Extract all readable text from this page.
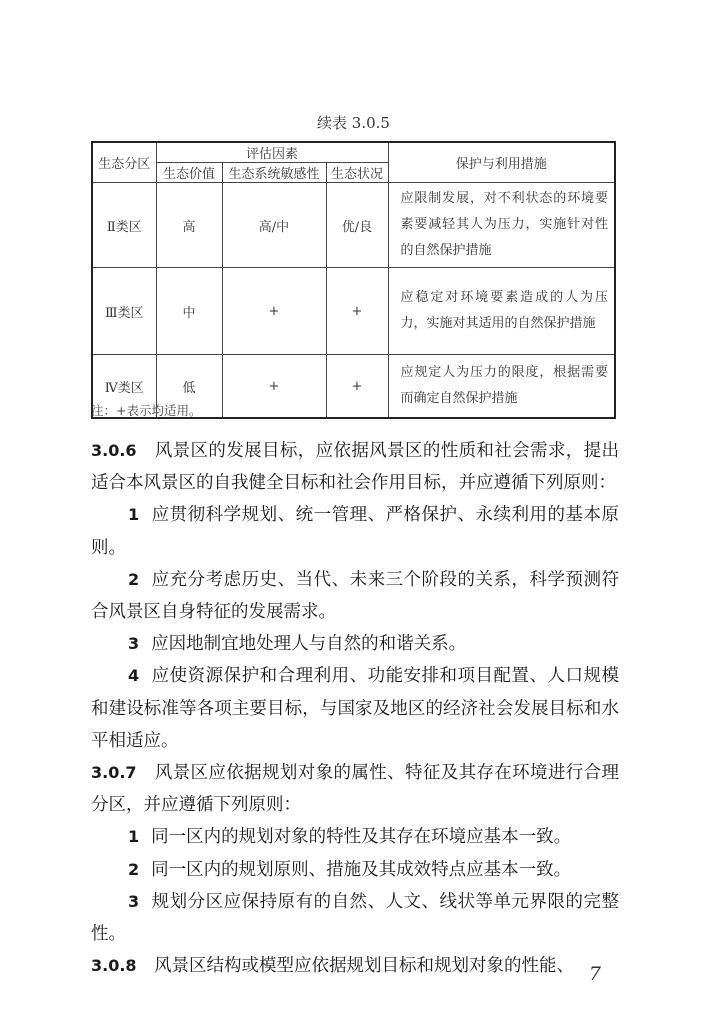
续表 3.0.5
生态分区	评估因素			保护与利用措施
	生态价值	生态系统敏感性	生态状况	
Ⅱ类区	高	高/中	优/良	应限制发展，对不利状态的环境要素要减轻其人为压力，实施针对性的自然保护措施
Ⅲ类区	中	+	+	应稳定对环境要素造成的人为压力，实施对其适用的自然保护措施
Ⅳ类区	低	+	+	应规定人为压力的限度，根据需要而确定自然保护措施
注：+表示均适用。

3.0.6　 风景区的发展目标，应依据风景区的性质和社会需求，提出适合本风景区的自我健全目标和社会作用目标，并应遵循下列原则：

1 应贯彻科学规划、统一管理、严格保护、永续利用的基本原则。

2 应充分考虑历史、当代、未来三个阶段的关系，科学预测符合风景区自身特征的发展需求。

3 应因地制宜地处理人与自然的和谐关系。

4 应使资源保护和合理利用、功能安排和项目配置、人口规模和建设标准等各项主要目标，与国家及地区的经济社会发展目标和水平相适应。

3.0.7　 风景区应依据规划对象的属性、特征及其存在环境进行合理分区，并应遵循下列原则：

1 同一区内的规划对象的特性及其存在环境应基本一致。

2 同一区内的规划原则、措施及其成效特点应基本一致。

3 规划分区应保持原有的自然、人文、线状等单元界限的完整性。

3.0.8　 风景区结构或模型应依据规划目标和规划对象的性能、 7
